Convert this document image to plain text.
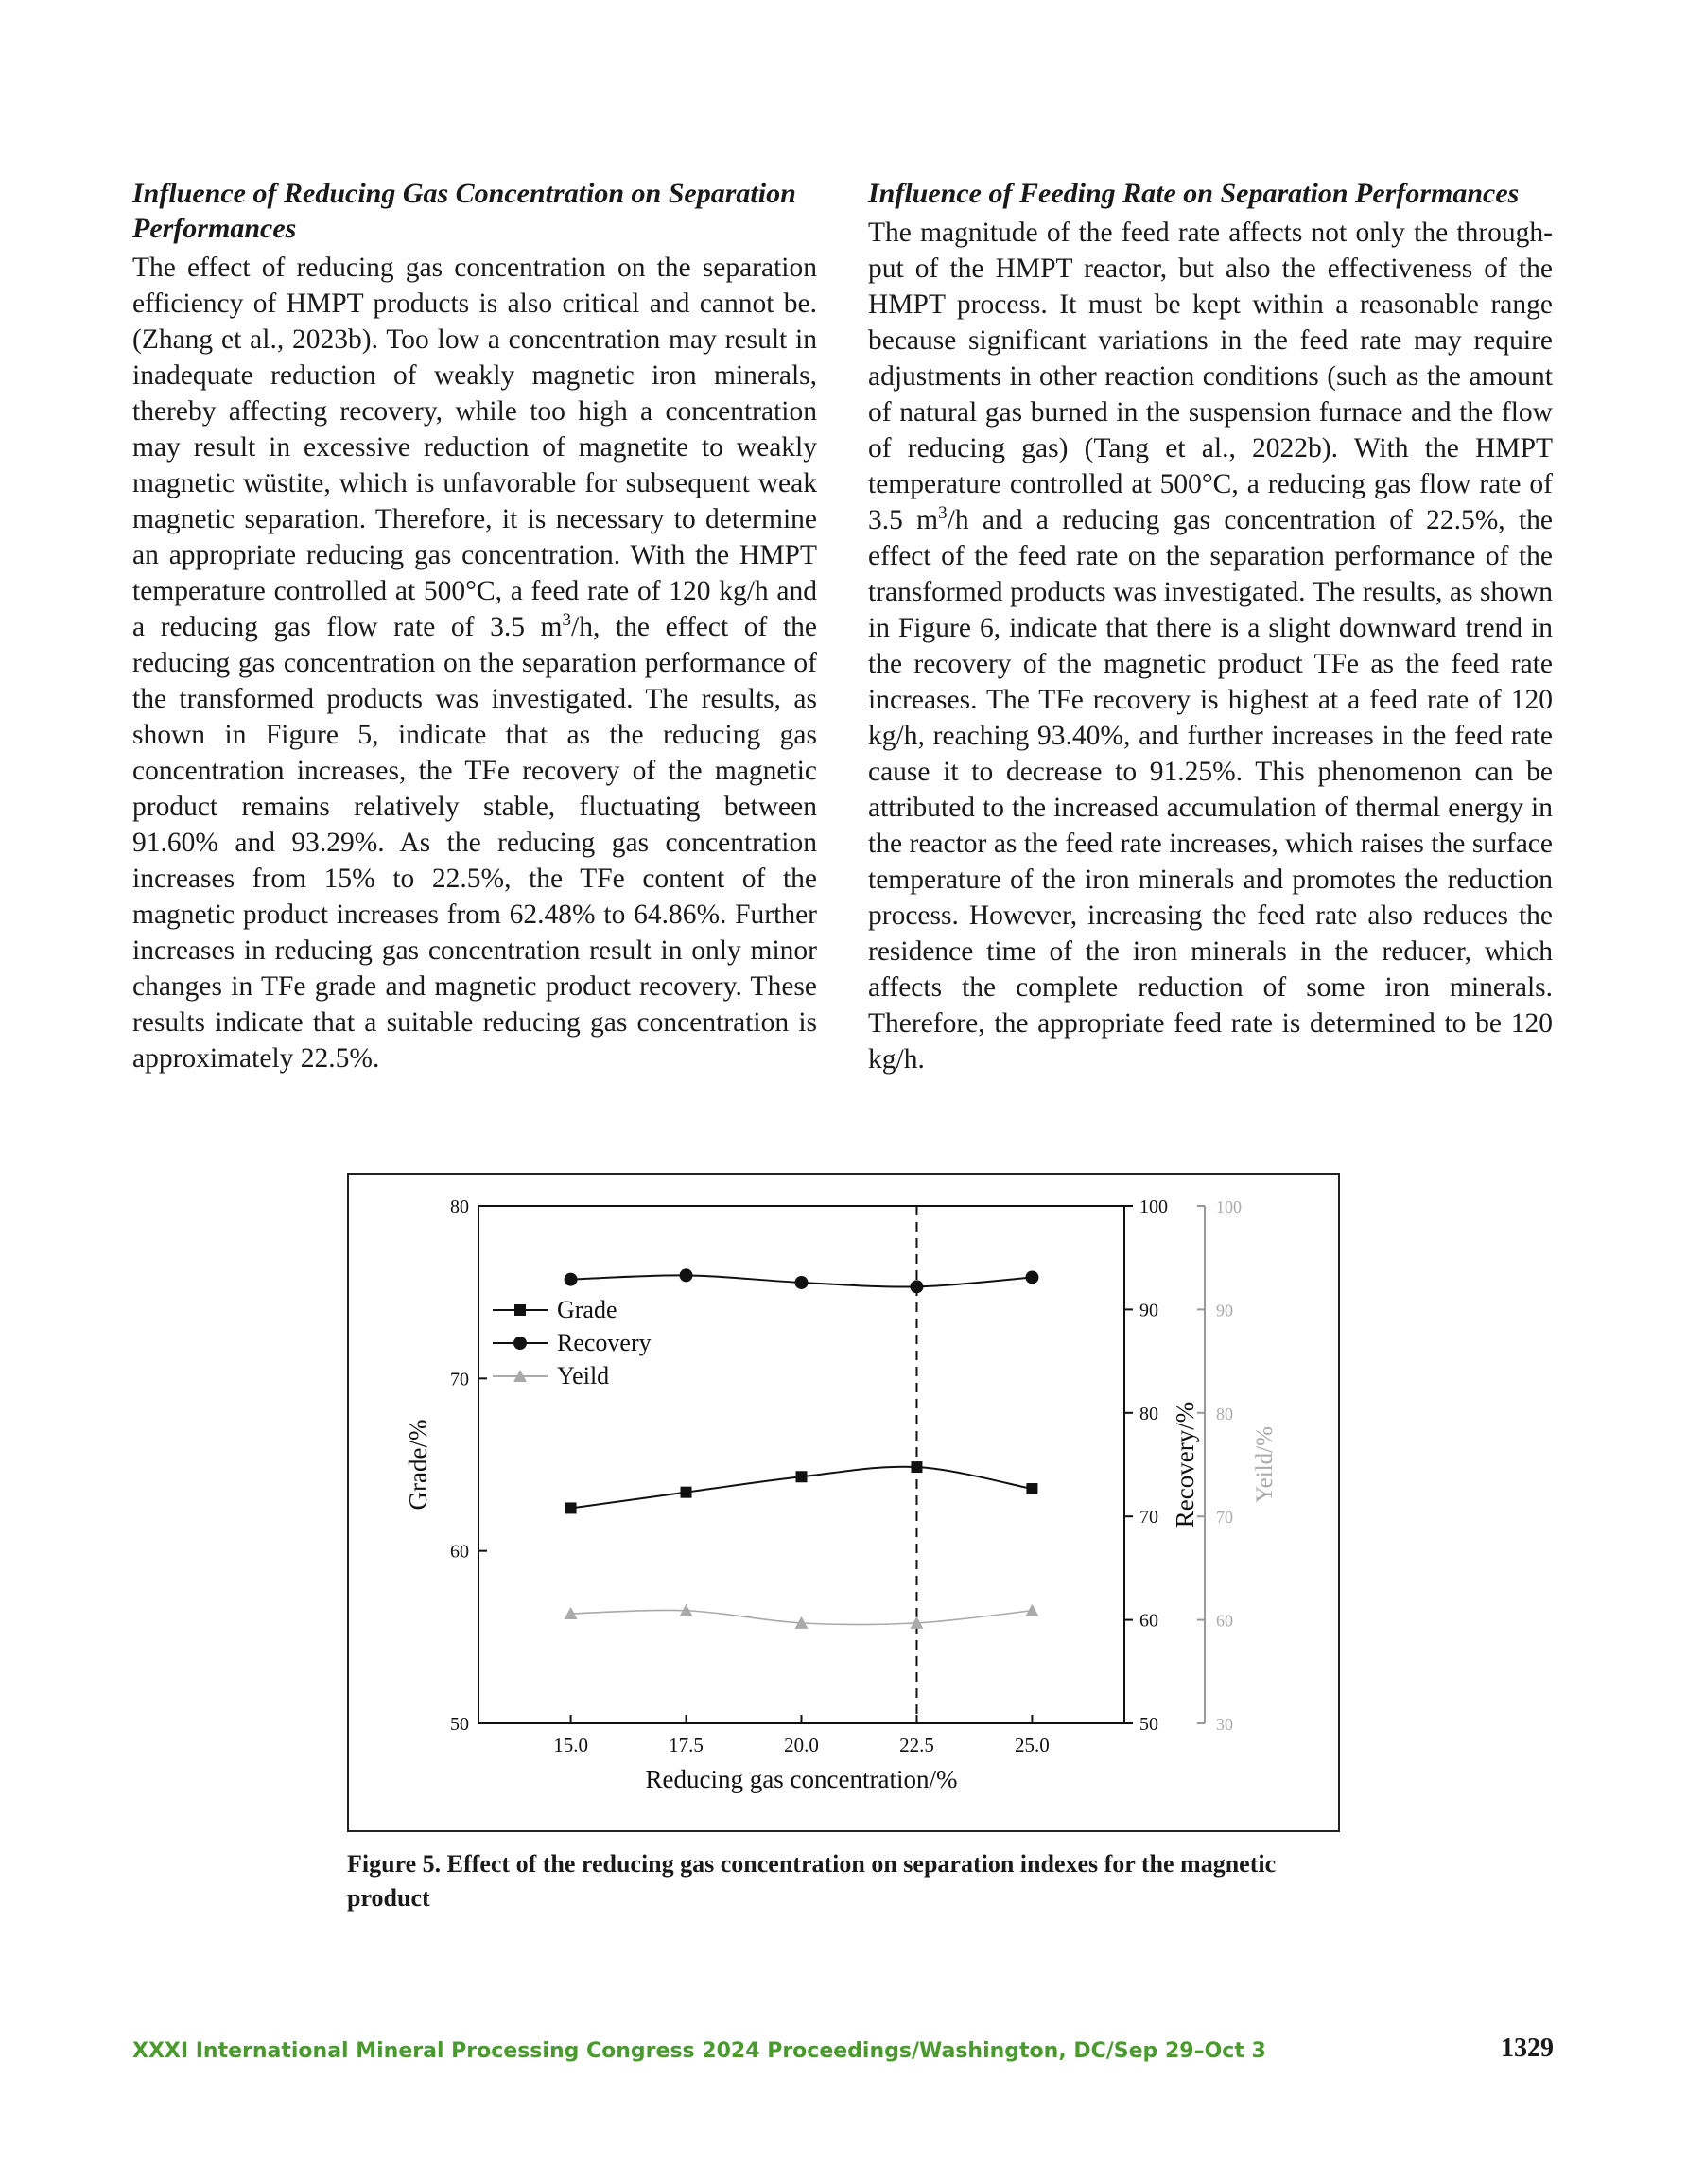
Influence of Reducing Gas Concentration on Separation Performances

The effect of reducing gas concentration on the separation efficiency of HMPT products is also critical and cannot be. (Zhang et al., 2023b). Too low a concentration may result in inadequate reduction of weakly magnetic iron minerals, thereby affecting recovery, while too high a concentration may result in excessive reduction of magnetite to weakly magnetic wüstite, which is unfavorable for subsequent weak magnetic separation. Therefore, it is necessary to determine an appropriate reducing gas concentration. With the HMPT temperature controlled at 500°C, a feed rate of 120 kg/h and a reducing gas flow rate of 3.5 $m^3/h$, the effect of the reducing gas concentration on the separation performance of the transformed products was investigated. The results, as shown in Figure 5, indicate that as the reducing gas concentration increases, the TFe recovery of the magnetic product remains relatively stable, fluctuating between 91.60% and 93.29%. As the reducing gas concentration increases from 15% to 22.5%, the TFe content of the magnetic product increases from 62.48% to 64.86%. Further increases in reducing gas concentration result in only minor changes in TFe grade and magnetic product recovery. These results indicate that a suitable reducing gas concentration is approximately 22.5%.

Influence of Feeding Rate on Separation Performances

The magnitude of the feed rate affects not only the throughput of the HMPT reactor, but also the effectiveness of the HMPT process. It must be kept within a reasonable range because significant variations in the feed rate may require adjustments in other reaction conditions (such as the amount of natural gas burned in the suspension furnace and the flow of reducing gas) (Tang et al., 2022b). With the HMPT temperature controlled at 500°C, a reducing gas flow rate of 3.5 $m^3/h$ and a reducing gas concentration of 22.5%, the effect of the feed rate on the separation performance of the transformed products was investigated. The results, as shown in Figure 6, indicate that there is a slight downward trend in the recovery of the magnetic product TFe as the feed rate increases. The TFe recovery is highest at a feed rate of 120 kg/h, reaching 93.40%, and further increases in the feed rate cause it to decrease to 91.25%. This phenomenon can be attributed to the increased accumulation of thermal energy in the reactor as the feed rate increases, which raises the surface temperature of the iron minerals and promotes the reduction process. However, increasing the feed rate also reduces the residence time of the iron minerals in the reducer, which affects the complete reduction of some iron minerals. Therefore, the appropriate feed rate is determined to be 120 kg/h.

15.0	17.5	20.0	22.5	25.0
Reducing gas concentration/%
50
60
70
80
Grade/%
50
60
70
80
90
100
Recovery/%
30
60
70
80
90
100
Yeild/%
Grade
Recovery
Yeild
Figure 5. Effect of the reducing gas concentration on separation indexes for the magnetic product
XXXI International Mineral Processing Congress 2024 Proceedings/Washington, DC/Sep 29–Oct 3	1329
